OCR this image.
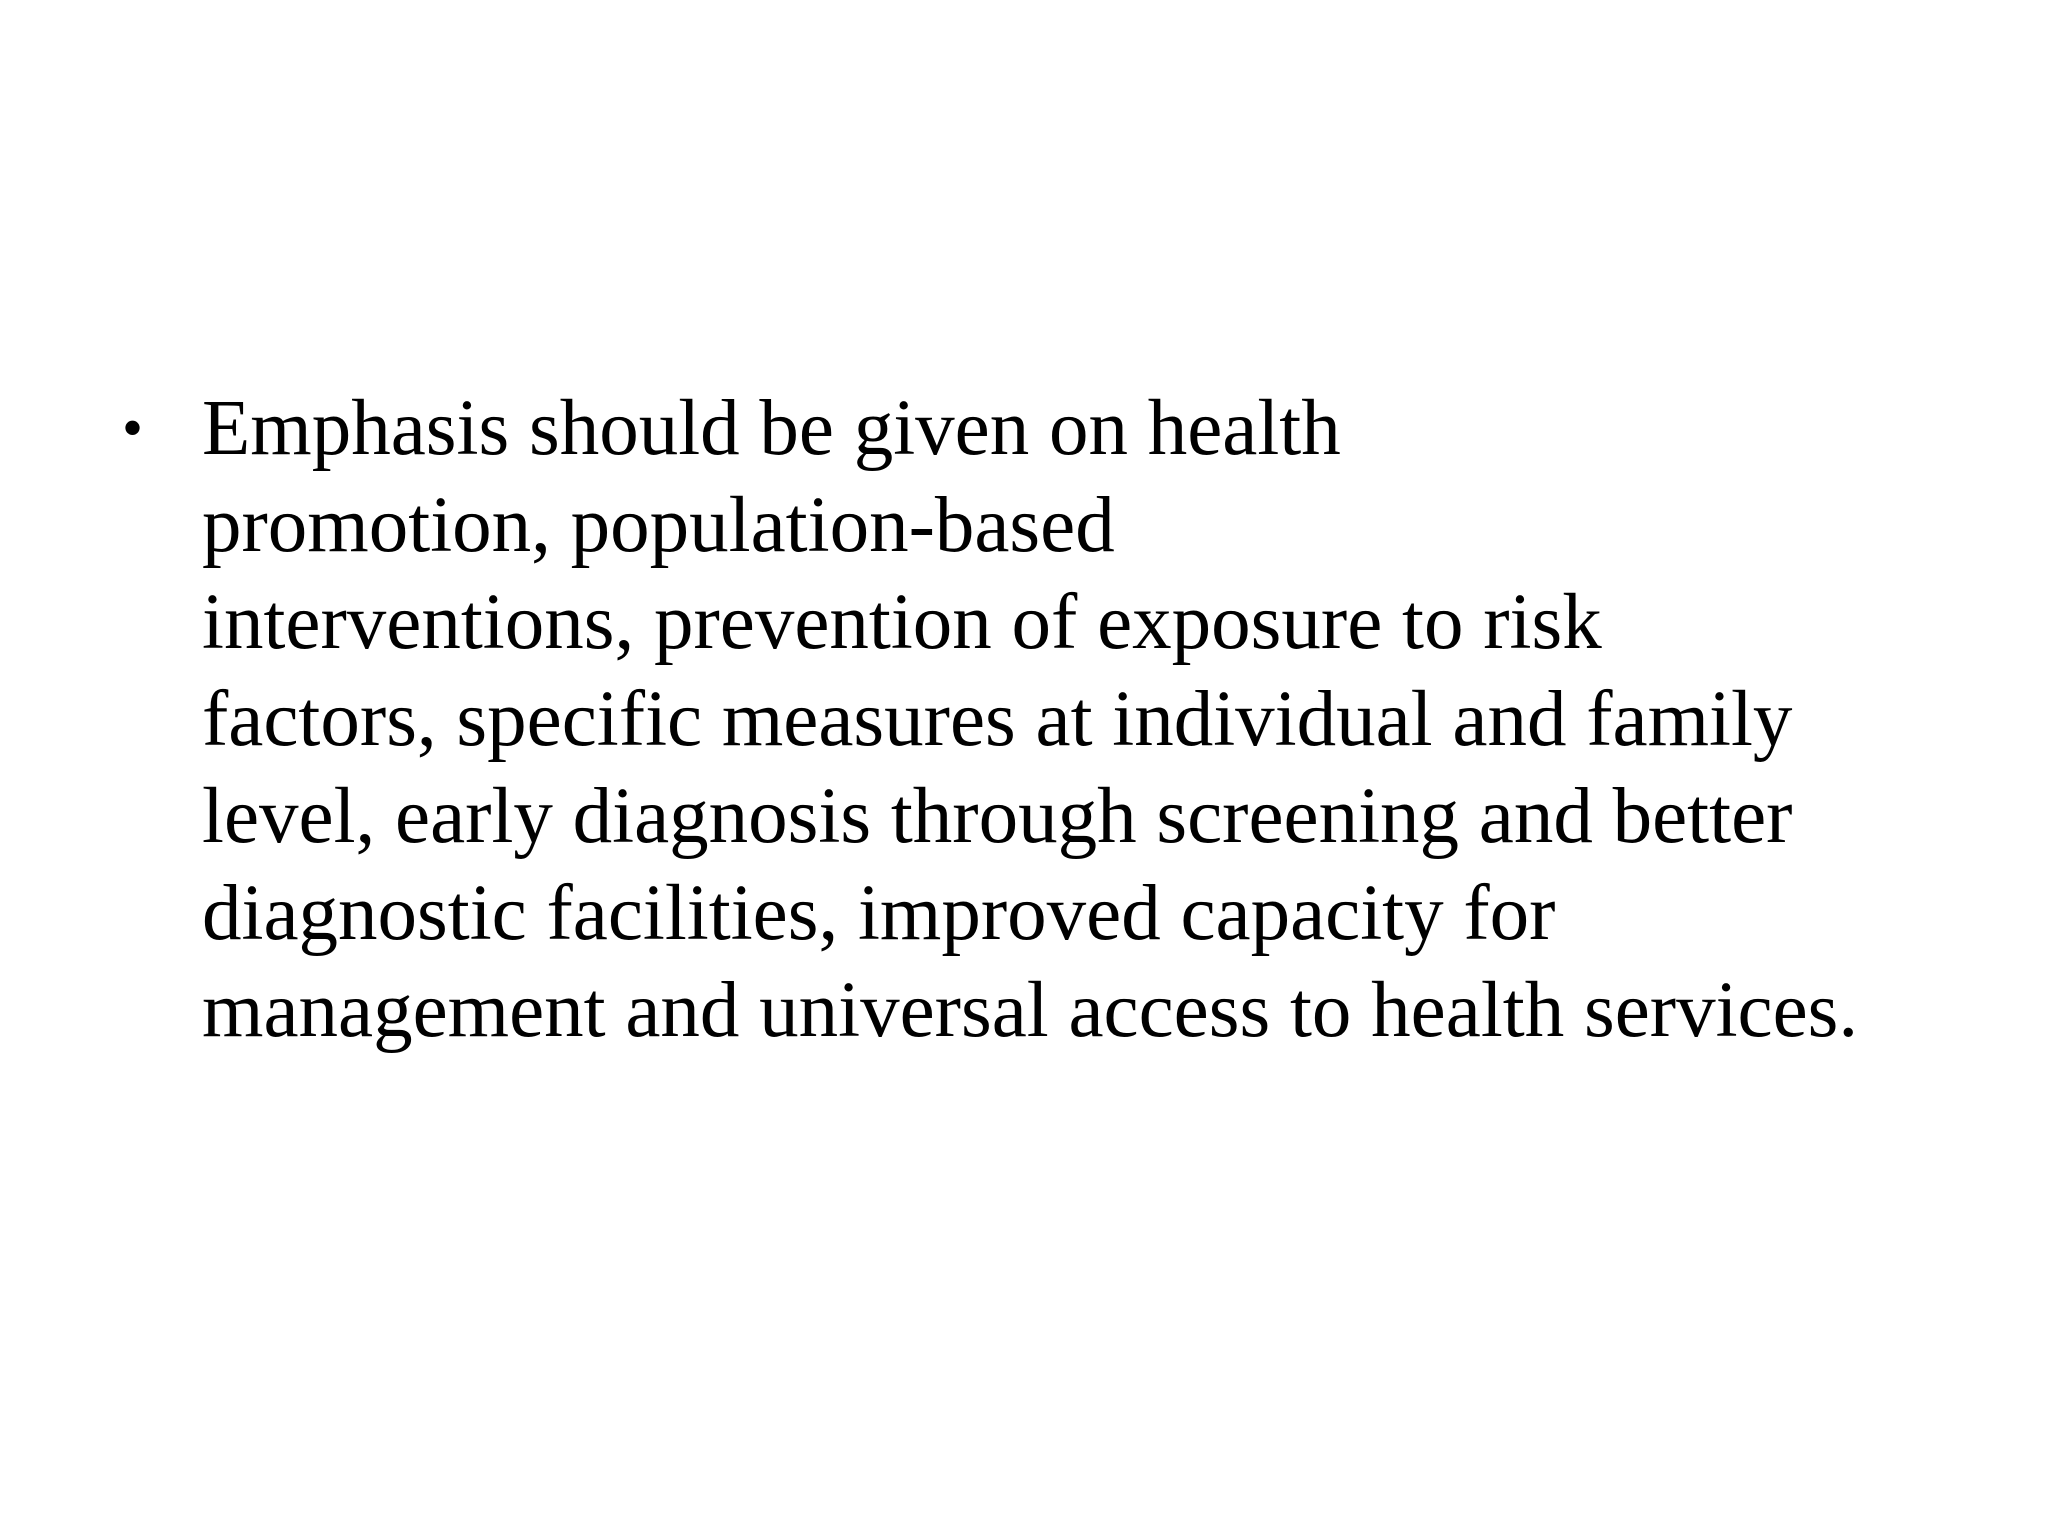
• Emphasis should be given on health
promotion, population-based
interventions, prevention of exposure to risk
factors, specific measures at individual and family
level, early diagnosis through screening and better
diagnostic facilities, improved capacity for
management and universal access to health services.
